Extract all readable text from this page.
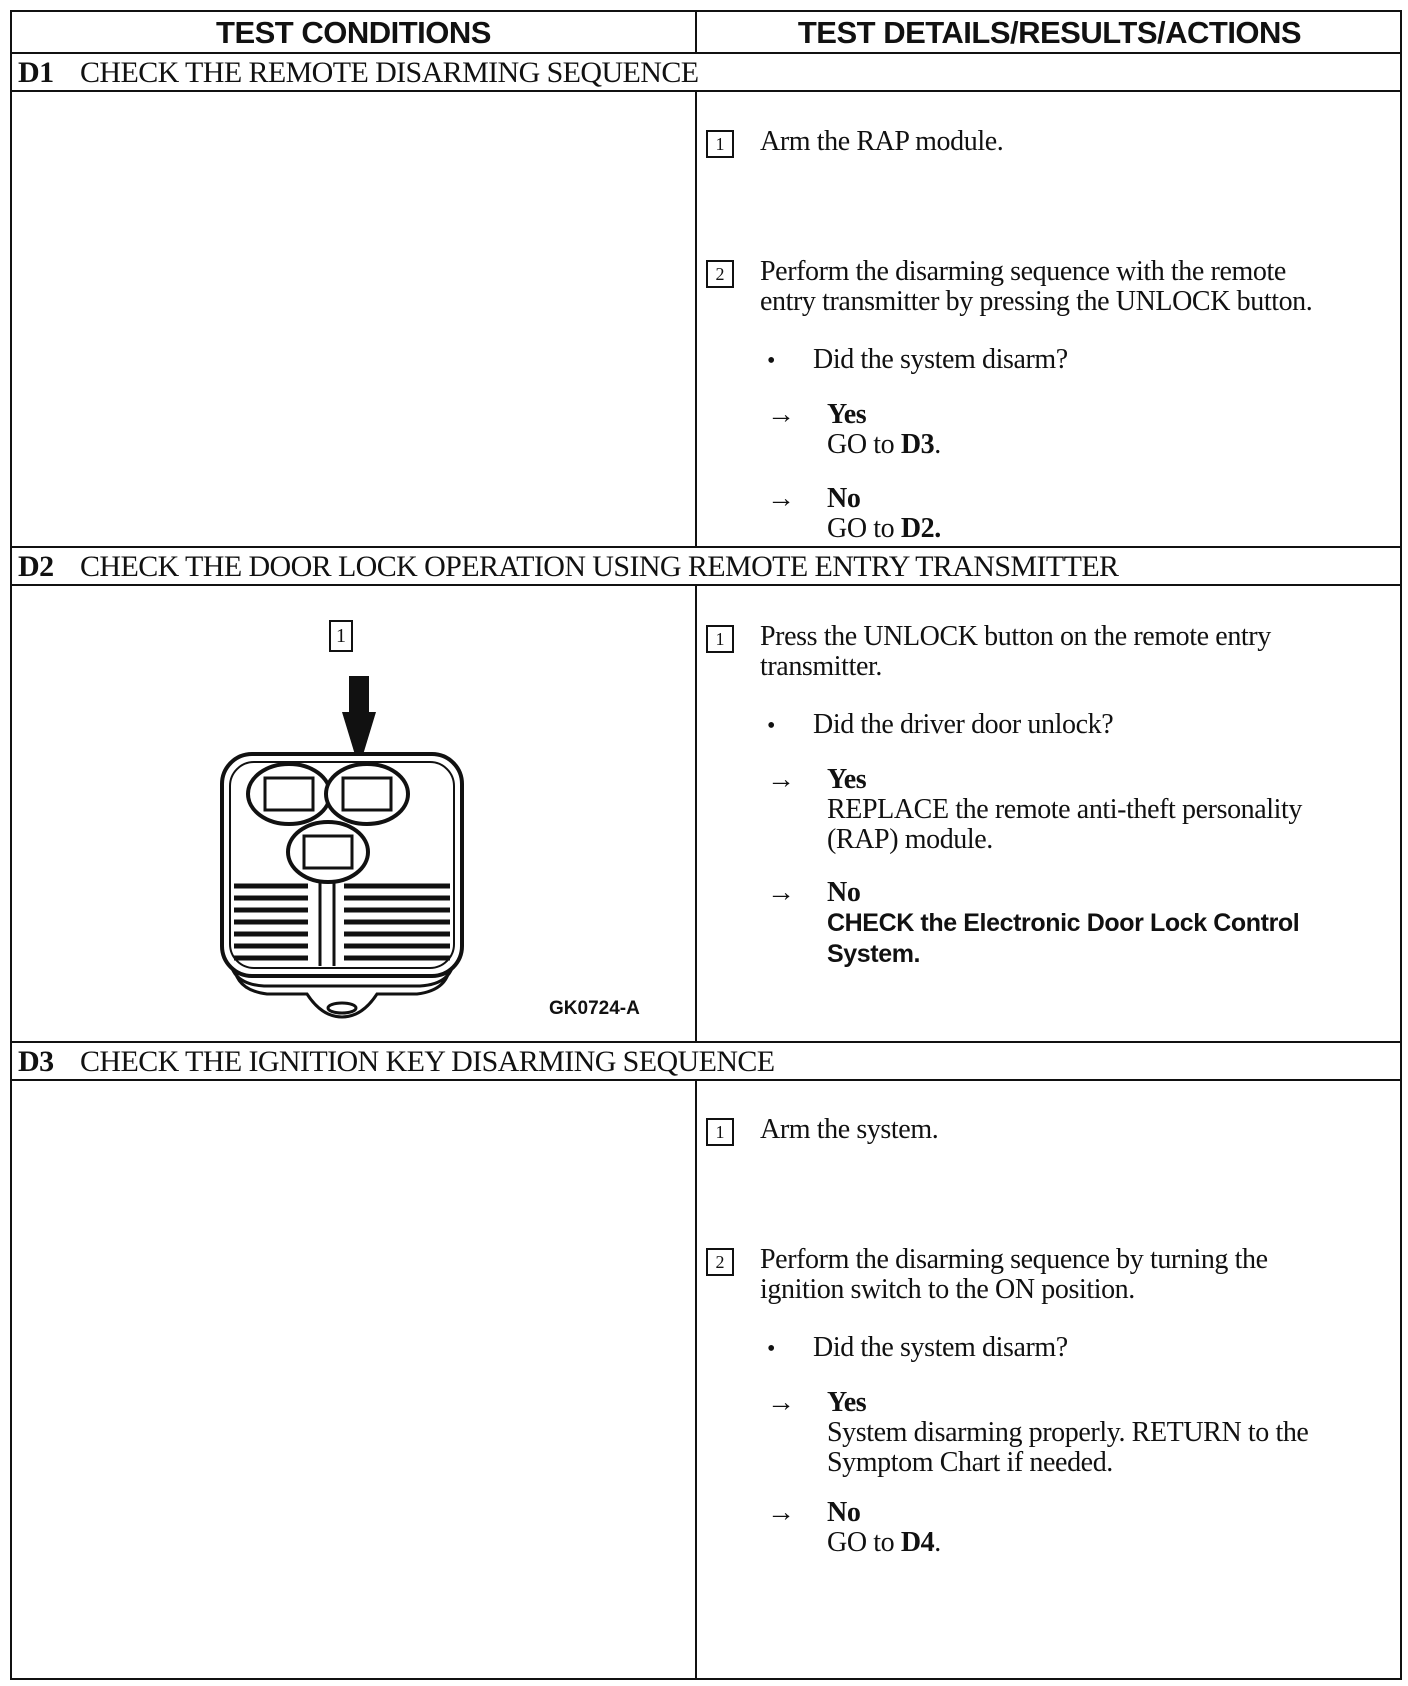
TEST CONDITIONS	TEST DETAILS/RESULTS/ACTIONS
D1 CHECK THE REMOTE DISARMING SEQUENCE
1	Arm the RAP module.
2	Perform the disarming sequence with the remote
entry transmitter by pressing the UNLOCK button.
• Did the system disarm?
→	Yes
GO to D3.
→	No
GO to D2.
D2 CHECK THE DOOR LOCK OPERATION USING REMOTE ENTRY TRANSMITTER
1
GK0724-A
1	Press the UNLOCK button on the remote entry
transmitter.
• Did the driver door unlock?
→	Yes
REPLACE the remote anti-theft personality
(RAP) module.
→	No
CHECK the Electronic Door Lock Control
System.
D3 CHECK THE IGNITION KEY DISARMING SEQUENCE
1	Arm the system.
2	Perform the disarming sequence by turning the
ignition switch to the ON position.
• Did the system disarm?
→	Yes
System disarming properly. RETURN to the
Symptom Chart if needed.
→	No
GO to D4.
